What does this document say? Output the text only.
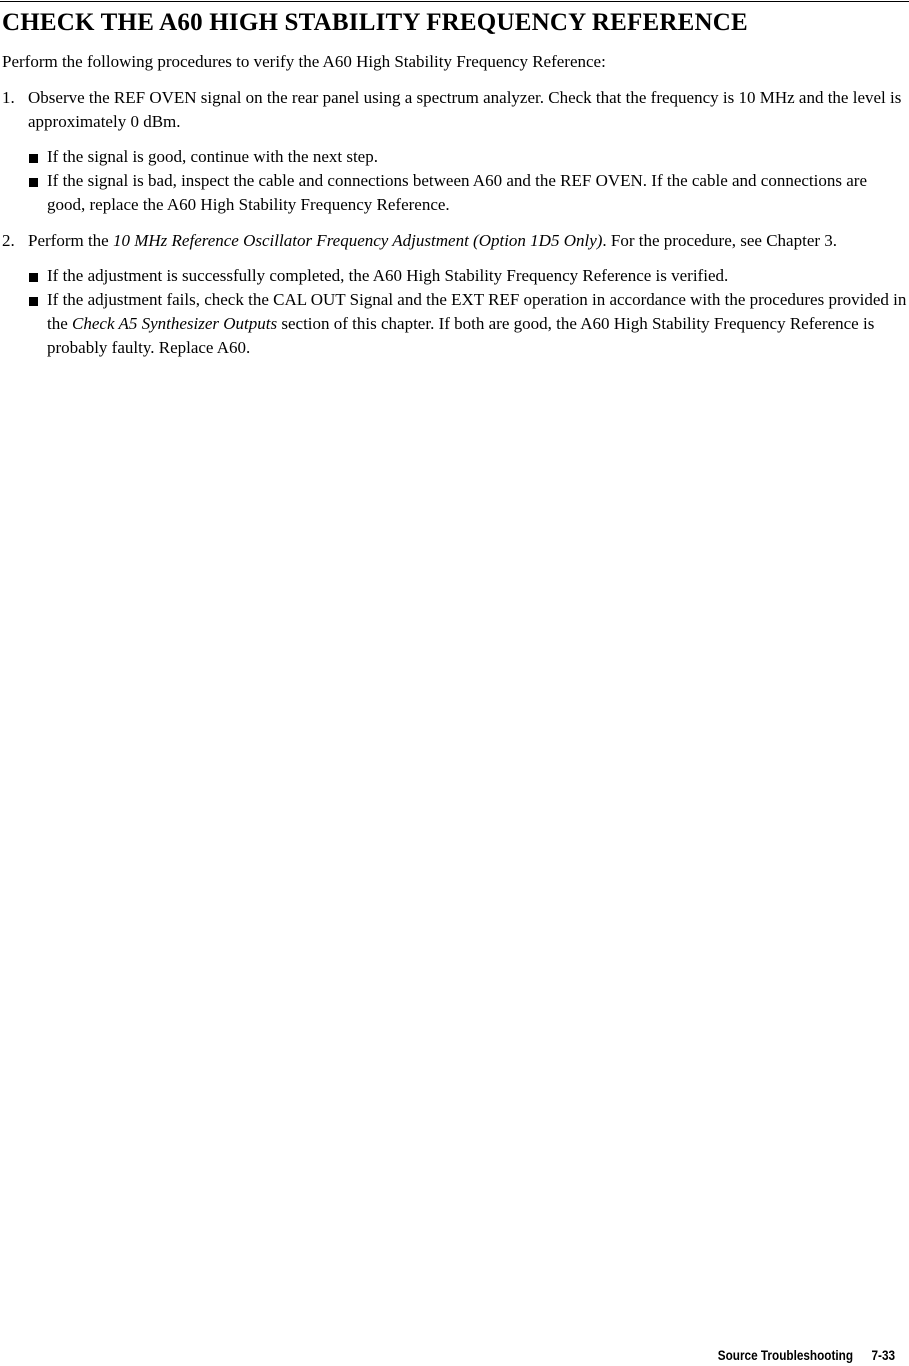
CHECK THE A60 HIGH STABILITY FREQUENCY REFERENCE

Perform the following procedures to verify the A60 High Stability Frequency Reference:

1. Observe the REF OVEN signal on the rear panel using a spectrum analyzer. Check that the frequency is 10 MHz and the level is approximately 0 dBm.

If the signal is good, continue with the next step.

If the signal is bad, inspect the cable and connections between A60 and the REF OVEN. If the cable and connections are good, replace the A60 High Stability Frequency Reference.

2. Perform the 10 MHz Reference Oscillator Frequency Adjustment (Option 1D5 Only). For the procedure, see Chapter 3.

If the adjustment is successfully completed, the A60 High Stability Frequency Reference is verified.

If the adjustment fails, check the CAL OUT Signal and the EXT REF operation in accordance with the procedures provided in the Check A5 Synthesizer Outputs section of this chapter. If both are good, the A60 High Stability Frequency Reference is probably faulty. Replace A60.

Source Troubleshooting 7-33
